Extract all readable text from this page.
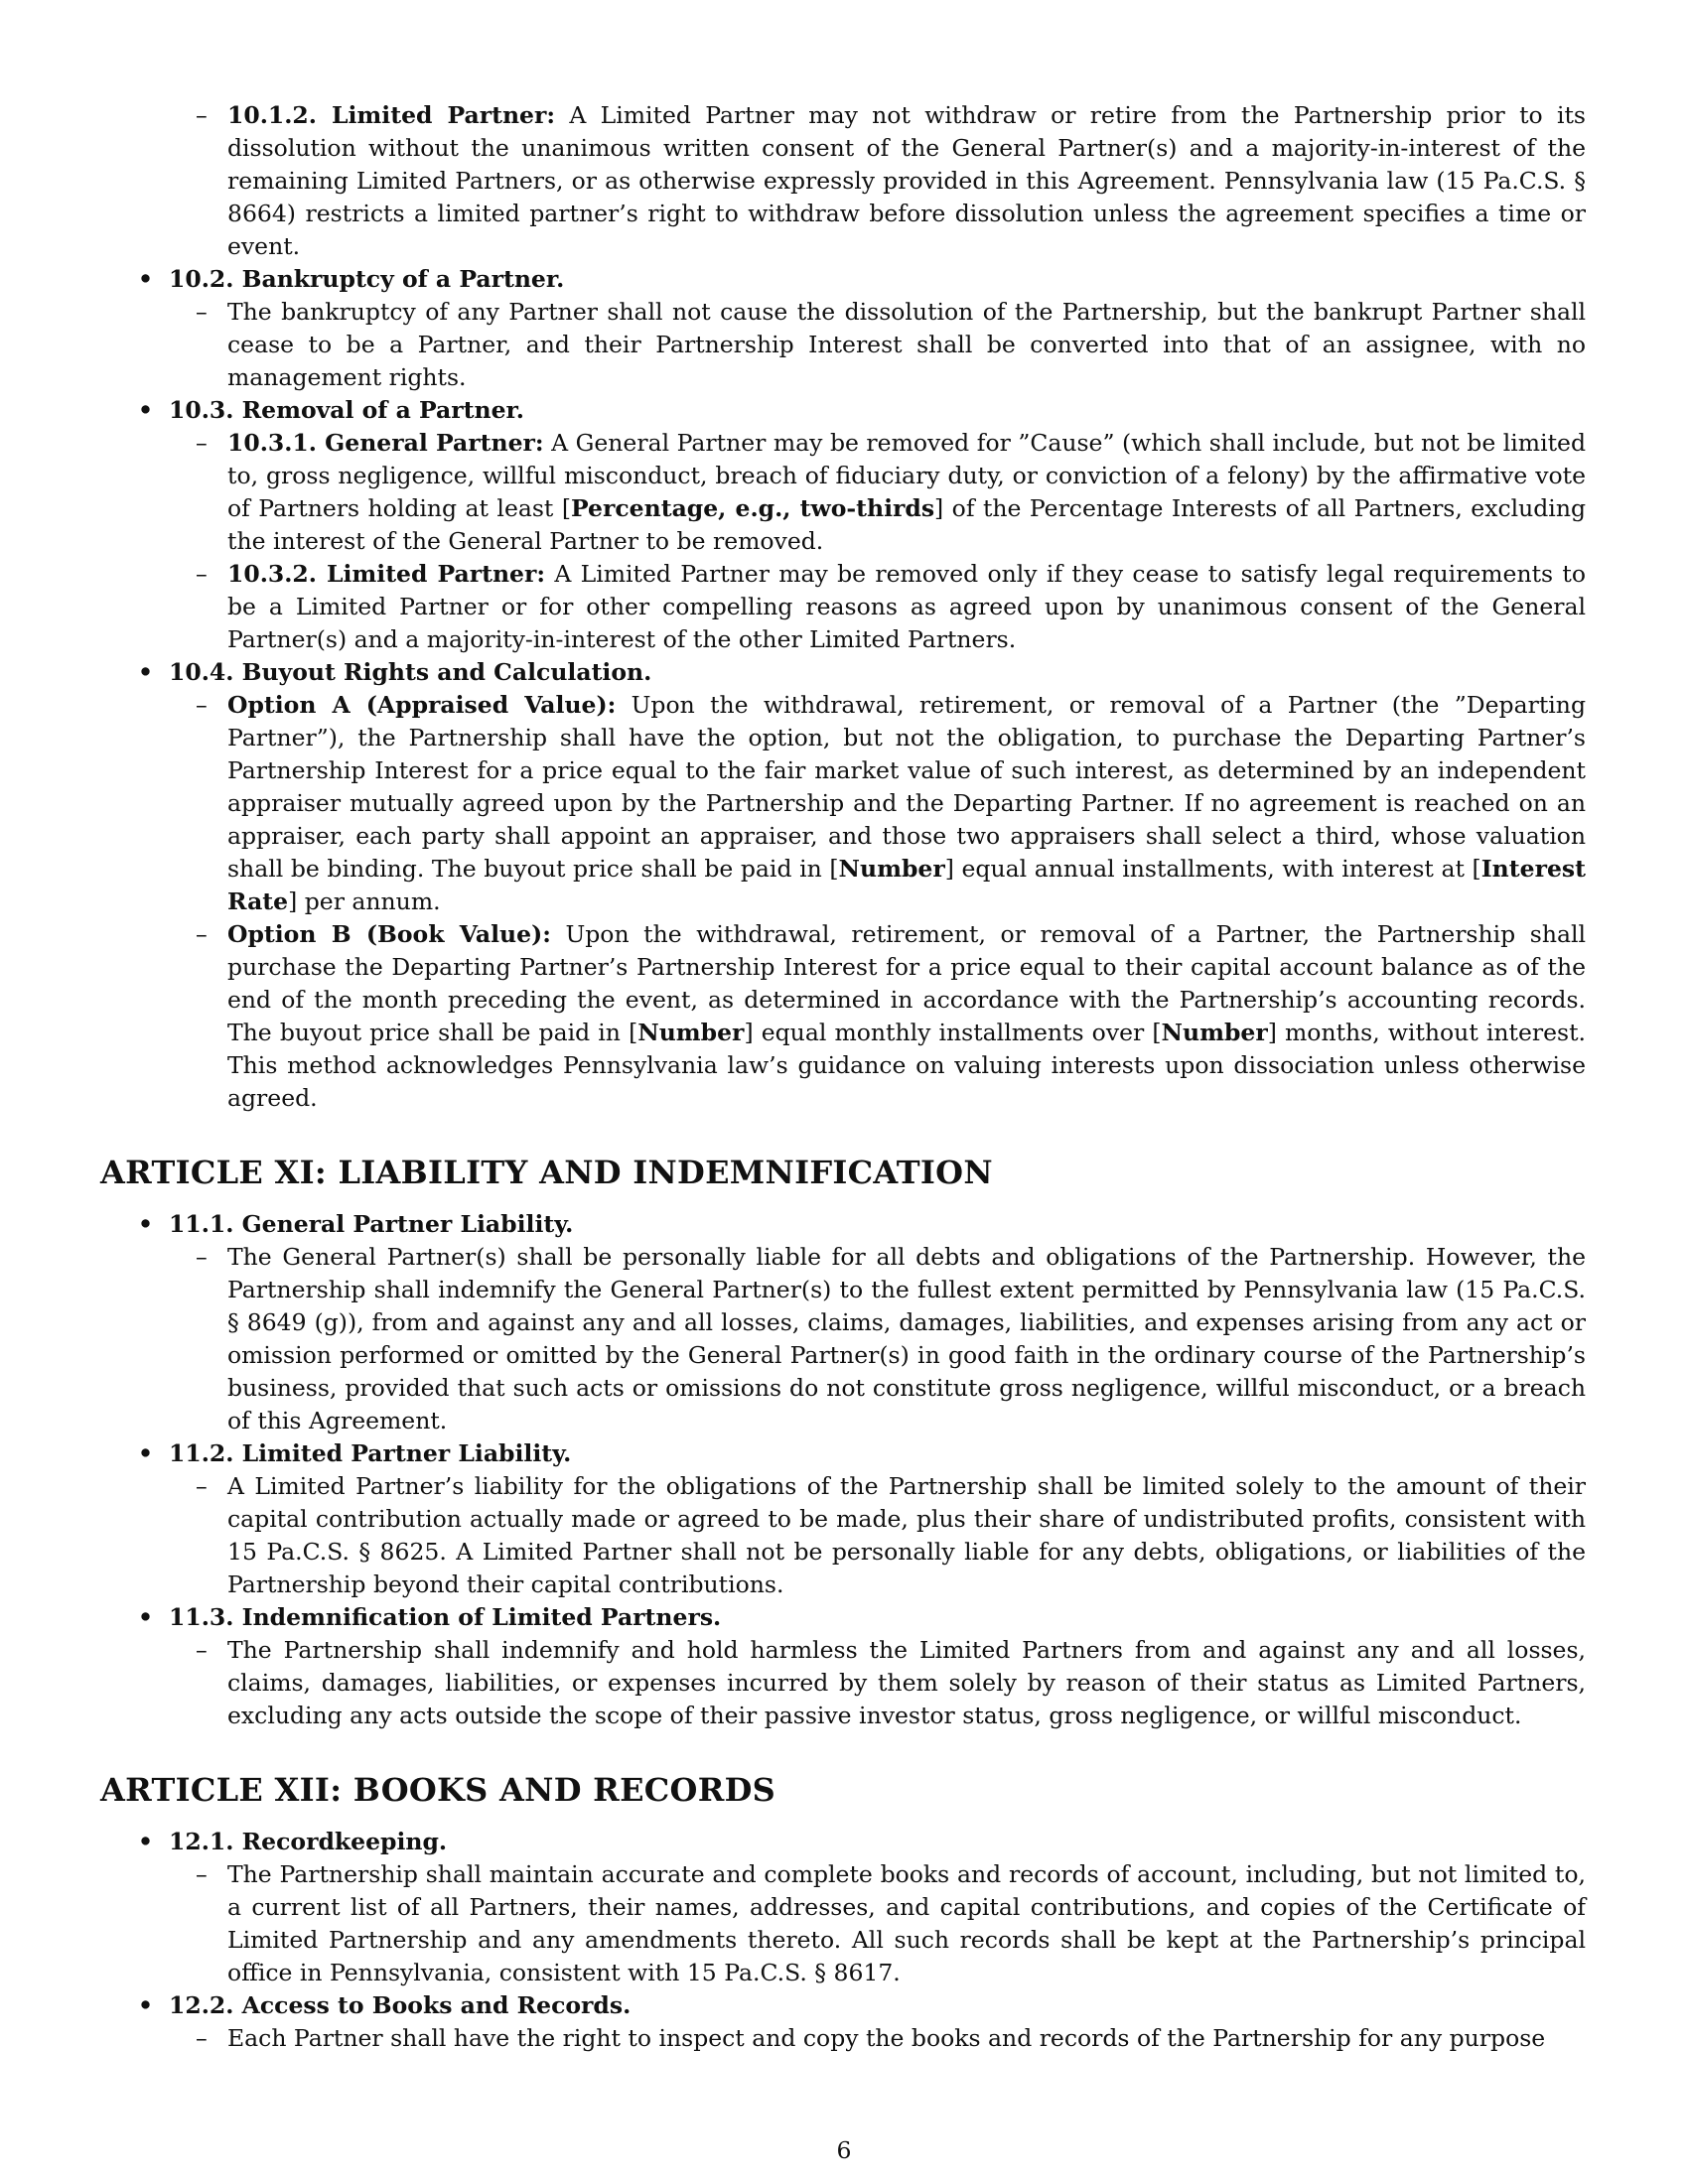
– 10.1.2. Limited Partner: A Limited Partner may not withdraw or retire from the Partnership prior to its dissolution without the unanimous written consent of the General Partner(s) and a majority-in-interest of the remaining Limited Partners, or as otherwise expressly provided in this Agreement. Pennsylvania law (15 Pa.C.S. § 8664) restricts a limited partner’s right to withdraw before dissolution unless the agreement specifies a time or event.

• 10.2. Bankruptcy of a Partner.

– The bankruptcy of any Partner shall not cause the dissolution of the Partnership, but the bankrupt Partner shall cease to be a Partner, and their Partnership Interest shall be converted into that of an assignee, with no management rights.

• 10.3. Removal of a Partner.

– 10.3.1. General Partner: A General Partner may be removed for ”Cause” (which shall include, but not be limited to, gross negligence, willful misconduct, breach of fiduciary duty, or conviction of a felony) by the affirmative vote of Partners holding at least [Percentage, e.g., two-thirds] of the Percentage Interests of all Partners, excluding the interest of the General Partner to be removed.

– 10.3.2. Limited Partner: A Limited Partner may be removed only if they cease to satisfy legal requirements to be a Limited Partner or for other compelling reasons as agreed upon by unanimous consent of the General Partner(s) and a majority-in-interest of the other Limited Partners.

• 10.4. Buyout Rights and Calculation.

– Option A (Appraised Value): Upon the withdrawal, retirement, or removal of a Partner (the ”Departing Partner”), the Partnership shall have the option, but not the obligation, to purchase the Departing Partner’s Partnership Interest for a price equal to the fair market value of such interest, as determined by an independent appraiser mutually agreed upon by the Partnership and the Departing Partner. If no agreement is reached on an appraiser, each party shall appoint an appraiser, and those two appraisers shall select a third, whose valuation shall be binding. The buyout price shall be paid in [Number] equal annual installments, with interest at [Interest Rate] per annum.

– Option B (Book Value): Upon the withdrawal, retirement, or removal of a Partner, the Partnership shall purchase the Departing Partner’s Partnership Interest for a price equal to their capital account balance as of the end of the month preceding the event, as determined in accordance with the Partnership’s accounting records. The buyout price shall be paid in [Number] equal monthly installments over [Number] months, without interest. This method acknowledges Pennsylvania law’s guidance on valuing interests upon dissociation unless otherwise agreed.

ARTICLE XI: LIABILITY AND INDEMNIFICATION

• 11.1. General Partner Liability.

– The General Partner(s) shall be personally liable for all debts and obligations of the Partnership. However, the Partnership shall indemnify the General Partner(s) to the fullest extent permitted by Pennsylvania law (15 Pa.C.S. § 8649 (g)), from and against any and all losses, claims, damages, liabilities, and expenses arising from any act or omission performed or omitted by the General Partner(s) in good faith in the ordinary course of the Partnership’s business, provided that such acts or omissions do not constitute gross negligence, willful misconduct, or a breach of this Agreement.

• 11.2. Limited Partner Liability.

– A Limited Partner’s liability for the obligations of the Partnership shall be limited solely to the amount of their capital contribution actually made or agreed to be made, plus their share of undistributed profits, consistent with 15 Pa.C.S. § 8625. A Limited Partner shall not be personally liable for any debts, obligations, or liabilities of the Partnership beyond their capital contributions.

• 11.3. Indemnification of Limited Partners.

– The Partnership shall indemnify and hold harmless the Limited Partners from and against any and all losses, claims, damages, liabilities, or expenses incurred by them solely by reason of their status as Limited Partners, excluding any acts outside the scope of their passive investor status, gross negligence, or willful misconduct.

ARTICLE XII: BOOKS AND RECORDS

• 12.1. Recordkeeping.

– The Partnership shall maintain accurate and complete books and records of account, including, but not limited to, a current list of all Partners, their names, addresses, and capital contributions, and copies of the Certificate of Limited Partnership and any amendments thereto. All such records shall be kept at the Partnership’s principal office in Pennsylvania, consistent with 15 Pa.C.S. § 8617.

• 12.2. Access to Books and Records.

– Each Partner shall have the right to inspect and copy the books and records of the Partnership for any purpose

6
